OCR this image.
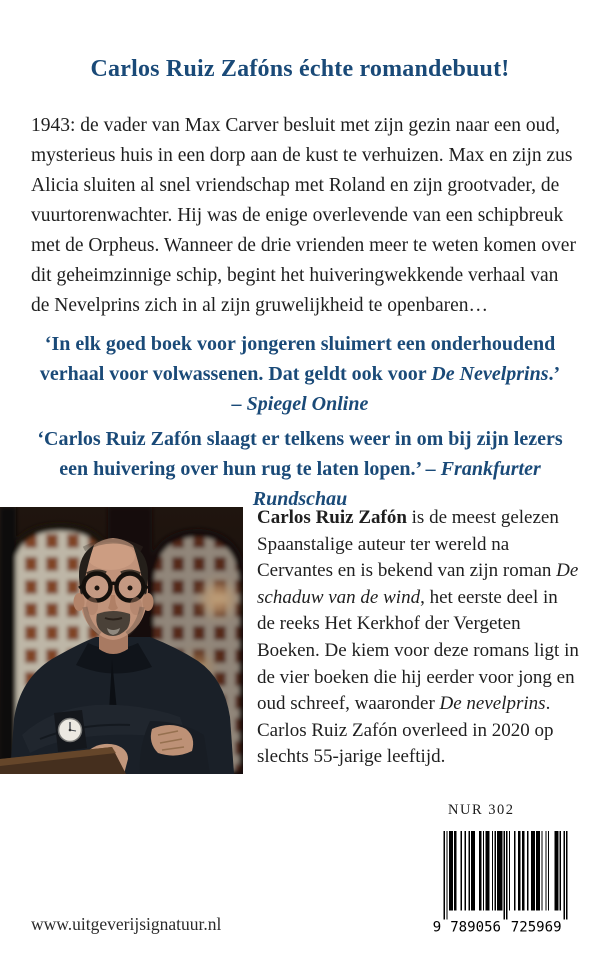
Carlos Ruiz Zafóns échte romandebuut!

1943: de vader van Max Carver besluit met zijn gezin naar een oud, mysterieus huis in een dorp aan de kust te verhuizen. Max en zijn zus Alicia sluiten al snel vriendschap met Roland en zijn grootvader, de vuurtorenwachter. Hij was de enige overlevende van een schipbreuk met de Orpheus. Wanneer de drie vrienden meer te weten komen over dit geheimzinnige schip, begint het huiveringwekkende verhaal van de Nevelprins zich in al zijn gruwelijkheid te openbaren…

‘In elk goed boek voor jongeren sluimert een onderhoudend verhaal voor volwassenen. Dat geldt ook voor De Nevelprins.’

– Spiegel Online

‘Carlos Ruiz Zafón slaagt er telkens weer in om bij zijn lezers een huivering over hun rug te laten lopen.’ – Frankfurter Rundschau

Carlos Ruiz Zafón is de meest gelezen Spaanstalige auteur ter wereld na Cervantes en is bekend van zijn roman De schaduw van de wind, het eerste deel in de reeks Het Kerkhof der Vergeten Boeken. De kiem voor deze romans ligt in de vier boeken die hij eerder voor jong en oud schreef, waaronder De nevelprins. Carlos Ruiz Zafón overleed in 2020 op slechts 55-jarige leeftijd.

NUR 302
9 789056 725969
www.uitgeverijsignatuur.nl
